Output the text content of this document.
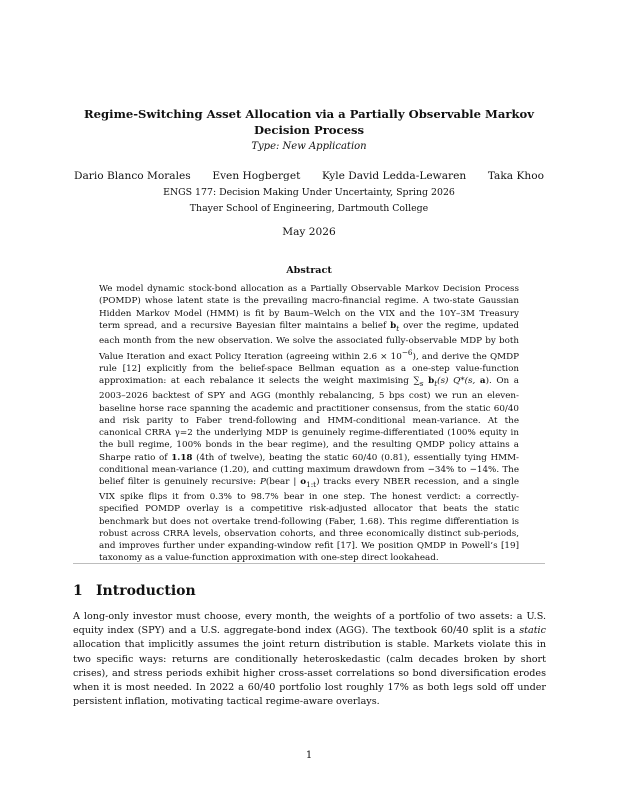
Regime-Switching Asset Allocation via a Partially Observable Markov Decision Process
Type: New Application
Dario Blanco Morales Even Hogberget Kyle David Ledda-Lewaren Taka Khoo
ENGS 177: Decision Making Under Uncertainty, Spring 2026
Thayer School of Engineering, Dartmouth College
May 2026
Abstract

We model dynamic stock-bond allocation as a Partially Observable Markov Decision Process (POMDP) whose latent state is the prevailing macro-financial regime. A two-state Gaussian Hidden Markov Model (HMM) is fit by Baum–Welch on the VIX and the 10Y–3M Treasury term spread, and a recursive Bayesian filter maintains a belief $b_t$ over the regime, updated each month from the new observation. We solve the associated fully-observable MDP by both Value Iteration and exact Policy Iteration (agreeing within $2.6 \times 10^{-6}$), and derive the QMDP rule [12] explicitly from the belief-space Bellman equation as a one-step value-function approximation: at each rebalance it selects the weight maximising $\sum_s$ $b_t(s)$ Q*(s, a). On a 2003–2026 backtest of SPY and AGG (monthly rebalancing, 5 bps cost) we run an eleven-baseline horse race spanning the academic and practitioner consensus, from the static 60/40 and risk parity to Faber trend-following and HMM-conditional mean-variance. At the canonical CRRA γ=2 the underlying MDP is genuinely regime-differentiated (100% equity in the bull regime, 100% bonds in the bear regime), and the resulting QMDP policy attains a Sharpe ratio of 1.18 (4th of twelve), beating the static 60/40 (0.81), essentially tying HMM-conditional mean-variance (1.20), and cutting maximum drawdown from −34% to −14%. The belief filter is genuinely recursive: P(bear | $o_{1:t}$) tracks every NBER recession, and a single VIX spike flips it from 0.3% to 98.7% bear in one step. The honest verdict: a correctly-specified POMDP overlay is a competitive risk-adjusted allocator that beats the static benchmark but does not overtake trend-following (Faber, 1.68). This regime differentiation is robust across CRRA levels, observation cohorts, and three economically distinct sub-periods, and improves further under expanding-window refit [17]. We position QMDP in Powell’s [19] taxonomy as a value-function approximation with one-step direct lookahead.

1 Introduction

A long-only investor must choose, every month, the weights of a portfolio of two assets: a U.S. equity index (SPY) and a U.S. aggregate-bond index (AGG). The textbook 60/40 split is a static allocation that implicitly assumes the joint return distribution is stable. Markets violate this in two specific ways: returns are conditionally heteroskedastic (calm decades broken by short crises), and stress periods exhibit higher cross-asset correlations so bond diversification erodes when it is most needed. In 2022 a 60/40 portfolio lost roughly 17% as both legs sold off under persistent inflation, motivating tactical regime-aware overlays.

1
